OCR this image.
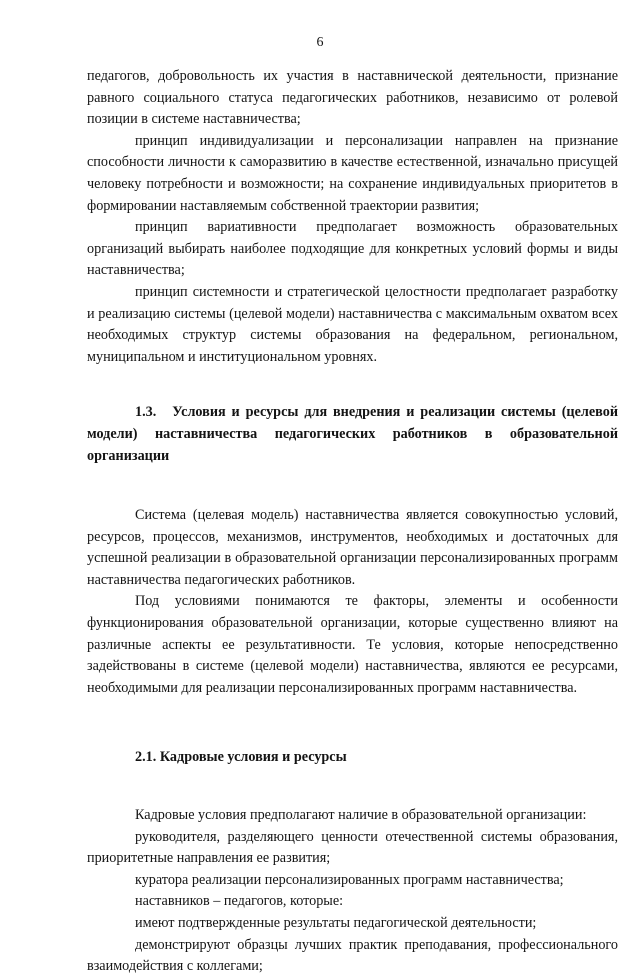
6

педагогов, добровольность их участия в наставнической деятельности, признание равного социального статуса педагогических работников, независимо от ролевой позиции в системе наставничества;

принцип индивидуализации и персонализации направлен на признание способности личности к саморазвитию в качестве естественной, изначально присущей человеку потребности и возможности; на сохранение индивидуальных приоритетов в формировании наставляемым собственной траектории развития;

принцип вариативности предполагает возможность образовательных организаций выбирать наиболее подходящие для конкретных условий формы и виды наставничества;

принцип системности и стратегической целостности предполагает разработку и реализацию системы (целевой модели) наставничества с максимальным охватом всех необходимых структур системы образования на федеральном, региональном, муниципальном и институциональном уровнях.

1.3. Условия и ресурсы для внедрения и реализации системы (целевой модели) наставничества педагогических работников в образовательной организации

Система (целевая модель) наставничества является совокупностью условий, ресурсов, процессов, механизмов, инструментов, необходимых и достаточных для успешной реализации в образовательной организации персонализированных программ наставничества педагогических работников.

Под условиями понимаются те факторы, элементы и особенности функционирования образовательной организации, которые существенно влияют на различные аспекты ее результативности. Те условия, которые непосредственно задействованы в системе (целевой модели) наставничества, являются ее ресурсами, необходимыми для реализации персонализированных программ наставничества.

2.1. Кадровые условия и ресурсы

Кадровые условия предполагают наличие в образовательной организации:

руководителя, разделяющего ценности отечественной системы образования, приоритетные направления ее развития;

куратора реализации персонализированных программ наставничества;

наставников – педагогов, которые:

имеют подтвержденные результаты педагогической деятельности;

демонстрируют образцы лучших практик преподавания, профессионального взаимодействия с коллегами;
